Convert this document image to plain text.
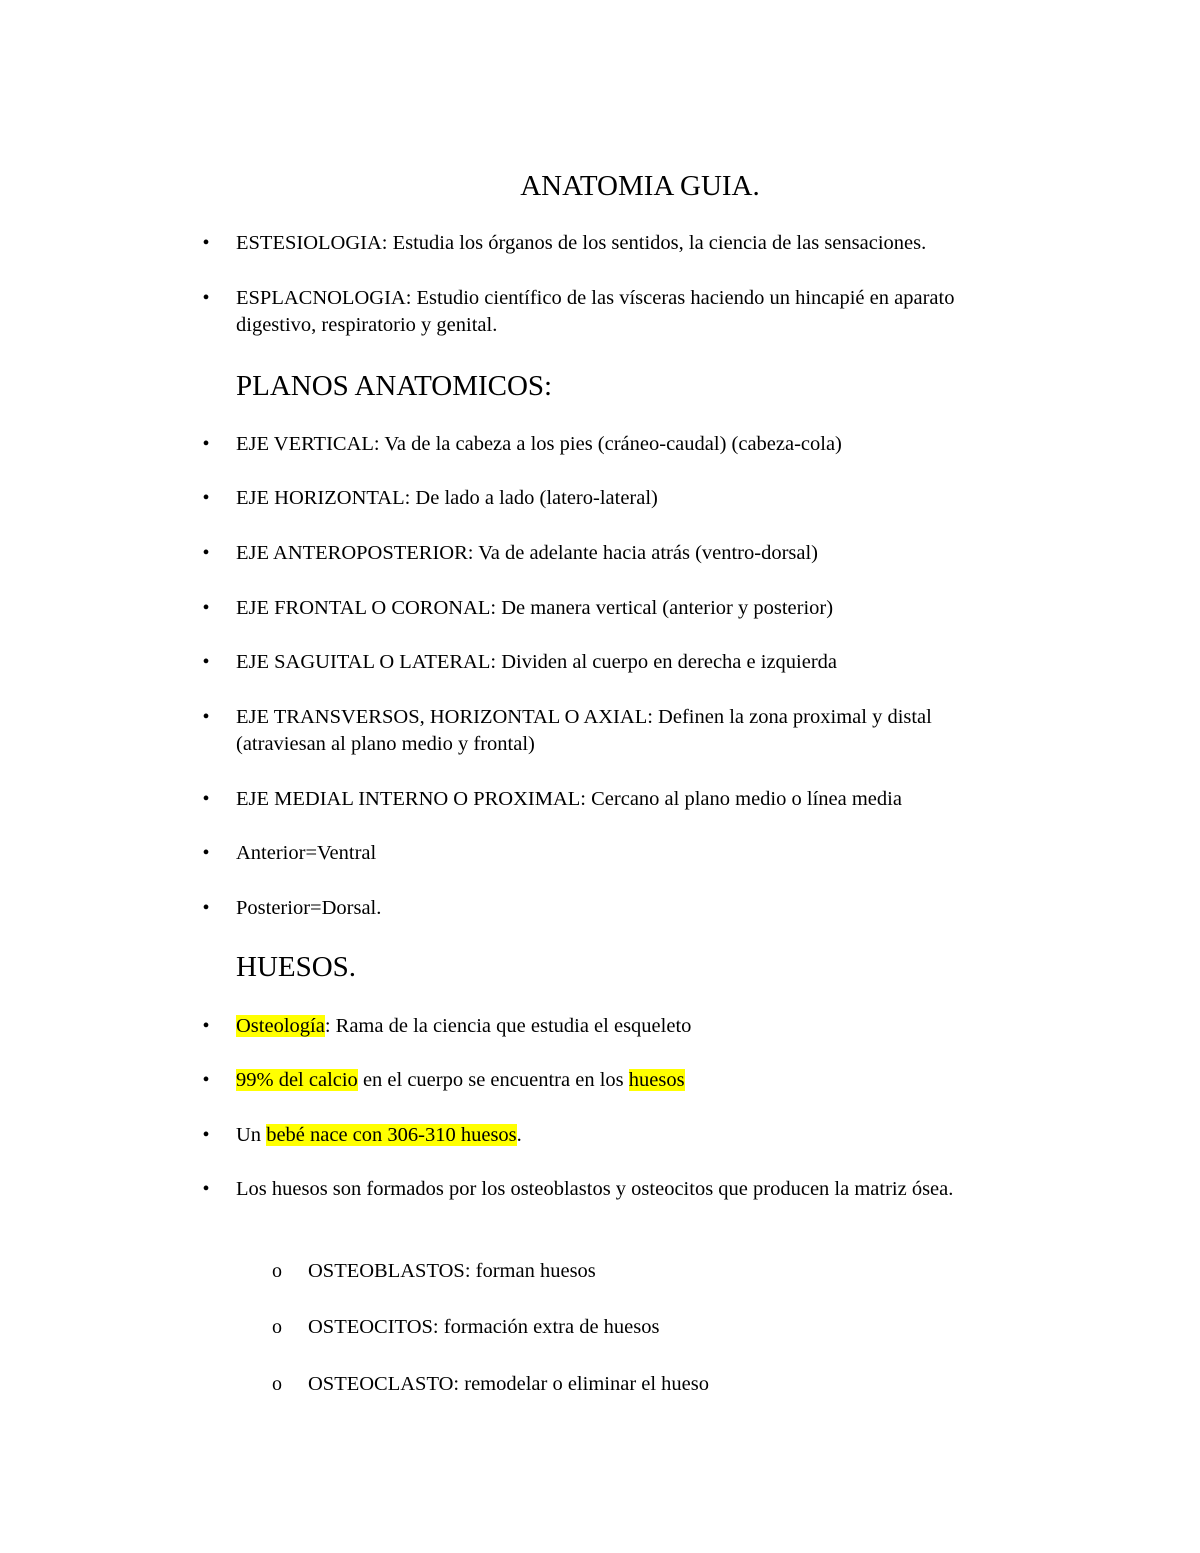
ANATOMIA GUIA.
• ESTESIOLOGIA: Estudia los órganos de los sentidos, la ciencia de las sensaciones.
• ESPLACNOLOGIA: Estudio científico de las vísceras haciendo un hincapié en aparato digestivo, respiratorio y genital.
PLANOS ANATOMICOS:
• EJE VERTICAL: Va de la cabeza a los pies (cráneo-caudal) (cabeza-cola)
• EJE HORIZONTAL: De lado a lado (latero-lateral)
• EJE ANTEROPOSTERIOR: Va de adelante hacia atrás (ventro-dorsal)
• EJE FRONTAL O CORONAL: De manera vertical (anterior y posterior)
• EJE SAGUITAL O LATERAL: Dividen al cuerpo en derecha e izquierda
• EJE TRANSVERSOS, HORIZONTAL O AXIAL: Definen la zona proximal y distal (atraviesan al plano medio y frontal)
• EJE MEDIAL INTERNO O PROXIMAL: Cercano al plano medio o línea media
• Anterior=Ventral
• Posterior=Dorsal.
HUESOS.
• Osteología: Rama de la ciencia que estudia el esqueleto
• 99% del calcio en el cuerpo se encuentra en los huesos
• Un bebé nace con 306-310 huesos.
• Los huesos son formados por los osteoblastos y osteocitos que producen la matriz ósea.
o OSTEOBLASTOS: forman huesos
o OSTEOCITOS: formación extra de huesos
o OSTEOCLASTO: remodelar o eliminar el hueso
